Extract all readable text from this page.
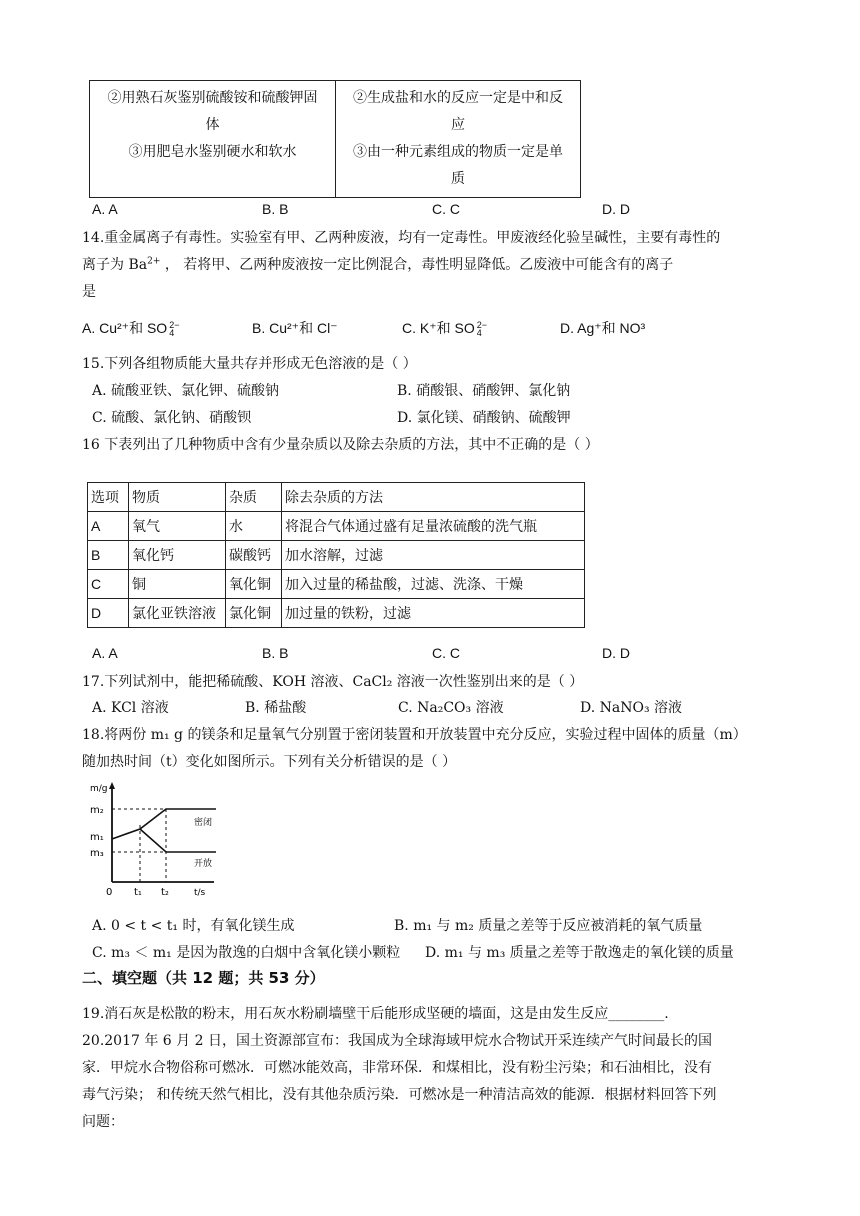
②用熟石灰鉴别硫酸铵和硫酸钾固
体
③用肥皂水鉴别硬水和软水

②生成盐和水的反应一定是中和反
应
③由一种元素组成的物质一定是单
质
A. A	B. B	C. C	D. D
14.重金属离子有毒性。实验室有甲、乙两种废液，均有一定毒性。甲废液经化验呈碱性，主要有毒性的
离子为 $Ba^{2+}$ ， 若将甲、乙两种废液按一定比例混合，毒性明显降低。乙废液中可能含有的离子
是
A. Cu²⁺和 SO 2−
4	B. Cu²⁺和 Cl⁻	C. K⁺和 SO 2−
4	D. Ag⁺和 NO³
15.下列各组物质能大量共存并形成无色溶液的是（ ）
A. 硫酸亚铁、氯化钾、硫酸钠	B. 硝酸银、硝酸钾、氯化钠
C. 硫酸、氯化钠、硝酸钡	D. 氯化镁、硝酸钠、硫酸钾
16 下表列出了几种物质中含有少量杂质以及除去杂质的方法，其中不正确的是（ ）
选项	物质	杂质	除去杂质的方法
A	氧气	水	将混合气体通过盛有足量浓硫酸的洗气瓶
B	氧化钙	碳酸钙	加水溶解，过滤
C	铜	氧化铜	加入过量的稀盐酸，过滤、洗涤、干燥
D	氯化亚铁溶液	氯化铜	加过量的铁粉，过滤
A. A	B. B	C. C	D. D
17.下列试剂中，能把稀硫酸、KOH 溶液、CaCl₂ 溶液一次性鉴别出来的是（ ）
A. KCl 溶液	B. 稀盐酸	C. Na₂CO₃ 溶液	D. NaNO₃ 溶液
18.将两份 m₁ g 的镁条和足量氧气分别置于密闭装置和开放装置中充分反应，实验过程中固体的质量（m）
随加热时间（t）变化如图所示。下列有关分析错误的是（ ）
m/g
m₂
m₁
m₃
0 t₁ t₂	t/s
密闭
开放
A. 0 < t < t₁ 时，有氧化镁生成	B. m₁ 与 m₂ 质量之差等于反应被消耗的氧气质量
C. m₃ ＜ m₁ 是因为散逸的白烟中含氧化镁小颗粒 D. m₁ 与 m₃ 质量之差等于散逸走的氧化镁的质量
二、填空题（共 12 题；共 53 分）
19.消石灰是松散的粉末，用石灰水粉刷墙壁干后能形成坚硬的墙面，这是由发生反应________.
20.2017 年 6 月 2 日，国土资源部宣布：我国成为全球海域甲烷水合物试开采连续产气时间最长的国
家．甲烷水合物俗称可燃冰．可燃冰能效高，非常环保．和煤相比，没有粉尘污染；和石油相比，没有
毒气污染； 和传统天然气相比，没有其他杂质污染．可燃冰是一种清洁高效的能源．根据材料回答下列
问题：
